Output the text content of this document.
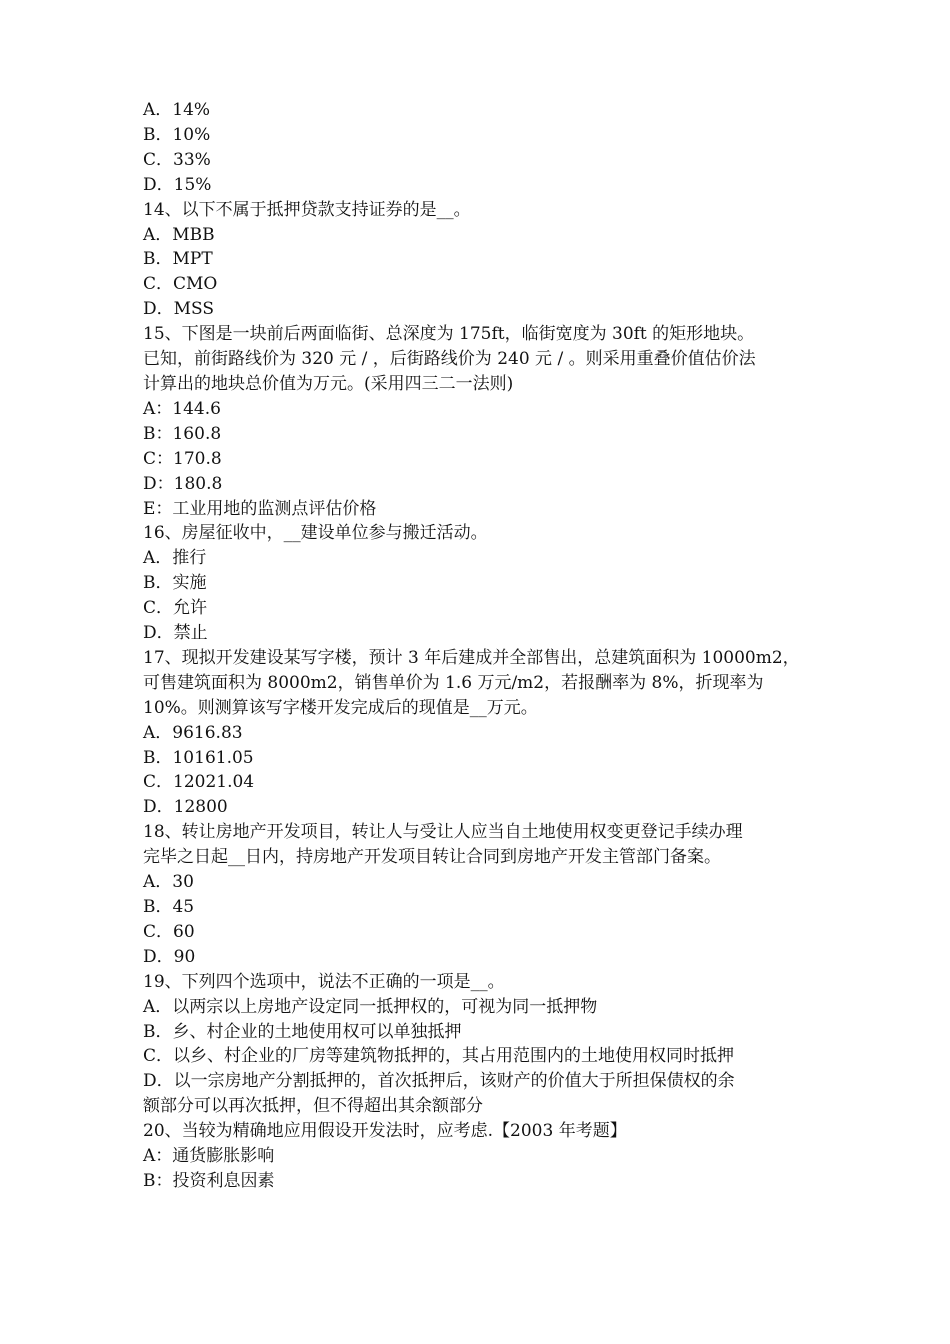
A．14%
B．10%
C．33%
D．15%
14、以下不属于抵押贷款支持证券的是__。
A．MBB
B．MPT
C．CMO
D．MSS
15、下图是一块前后两面临街、总深度为 175ft，临街宽度为 30ft 的矩形地块。
已知，前街路线价为 320 元 / ，后街路线价为 240 元 / 。则采用重叠价值估价法
计算出的地块总价值为万元。(采用四三二一法则)
A：144.6
B：160.8
C：170.8
D：180.8
E：工业用地的监测点评估价格
16、房屋征收中，__建设单位参与搬迁活动。
A．推行
B．实施
C．允许
D．禁止
17、现拟开发建设某写字楼，预计 3 年后建成并全部售出，总建筑面积为 10000m2，
可售建筑面积为 8000m2，销售单价为 1.6 万元/m2，若报酬率为 8%，折现率为
10%。则测算该写字楼开发完成后的现值是__万元。
A．9616.83
B．10161.05
C．12021.04
D．12800
18、转让房地产开发项目，转让人与受让人应当自土地使用权变更登记手续办理
完毕之日起__日内，持房地产开发项目转让合同到房地产开发主管部门备案。
A．30
B．45
C．60
D．90
19、下列四个选项中，说法不正确的一项是__。
A．以两宗以上房地产设定同一抵押权的，可视为同一抵押物
B．乡、村企业的土地使用权可以单独抵押
C．以乡、村企业的厂房等建筑物抵押的，其占用范围内的土地使用权同时抵押
D．以一宗房地产分割抵押的，首次抵押后，该财产的价值大于所担保债权的余
额部分可以再次抵押，但不得超出其余额部分
20、当较为精确地应用假设开发法时，应考虑.【2003 年考题】
A：通货膨胀影响
B：投资利息因素
